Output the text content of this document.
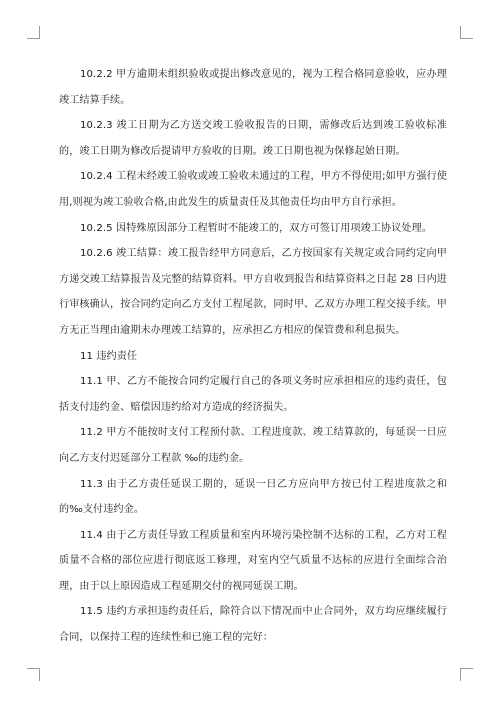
10.2.2 甲方逾期未组织验收或提出修改意见的，视为工程合格同意验收，应办理竣工结算手续。

10.2.3 竣工日期为乙方送交竣工验收报告的日期，需修改后达到竣工验收标准的，竣工日期为修改后提请甲方验收的日期。竣工日期也视为保修起始日期。

10.2.4 工程未经竣工验收或竣工验收未通过的工程，甲方不得使用;如甲方强行使用,则视为竣工验收合格,由此发生的质量责任及其他责任均由甲方自行承担。

10.2.5 因特殊原因部分工程暂时不能竣工的，双方可签订用项竣工协议处理。

10.2.6 竣工结算：竣工报告经甲方同意后，乙方按国家有关规定或合同约定向甲方递交竣工结算报告及完整的结算资料。甲方自收到报告和结算资料之日起 28 日内进行审核确认，按合同约定向乙方支付工程尾款，同时甲、乙双方办理工程交接手续。甲方无正当理由逾期未办理竣工结算的，应承担乙方相应的保管费和利息损失。

11 违约责任

11.1 甲、乙方不能按合同约定履行自己的各项义务时应承担相应的违约责任，包括支付违约金、赔偿因违约给对方造成的经济损失。

11.2 甲方不能按时支付工程预付款、工程进度款、竣工结算款的，每延误一日应向乙方支付迟延部分工程款 ‰的违约金。

11.3 由于乙方责任延误工期的，延误一日乙方应向甲方按已付工程进度款之和的‰支付违约金。

11.4 由于乙方责任导致工程质量和室内环境污染控制不达标的工程，乙方对工程质量不合格的部位应进行彻底返工修理，对室内空气质量不达标的应进行全面综合治理，由于以上原因造成工程延期交付的视同延误工期。

11.5 违约方承担违约责任后，除符合以下情况而中止合同外，双方均应继续履行合同，以保持工程的连续性和已施工程的完好：
